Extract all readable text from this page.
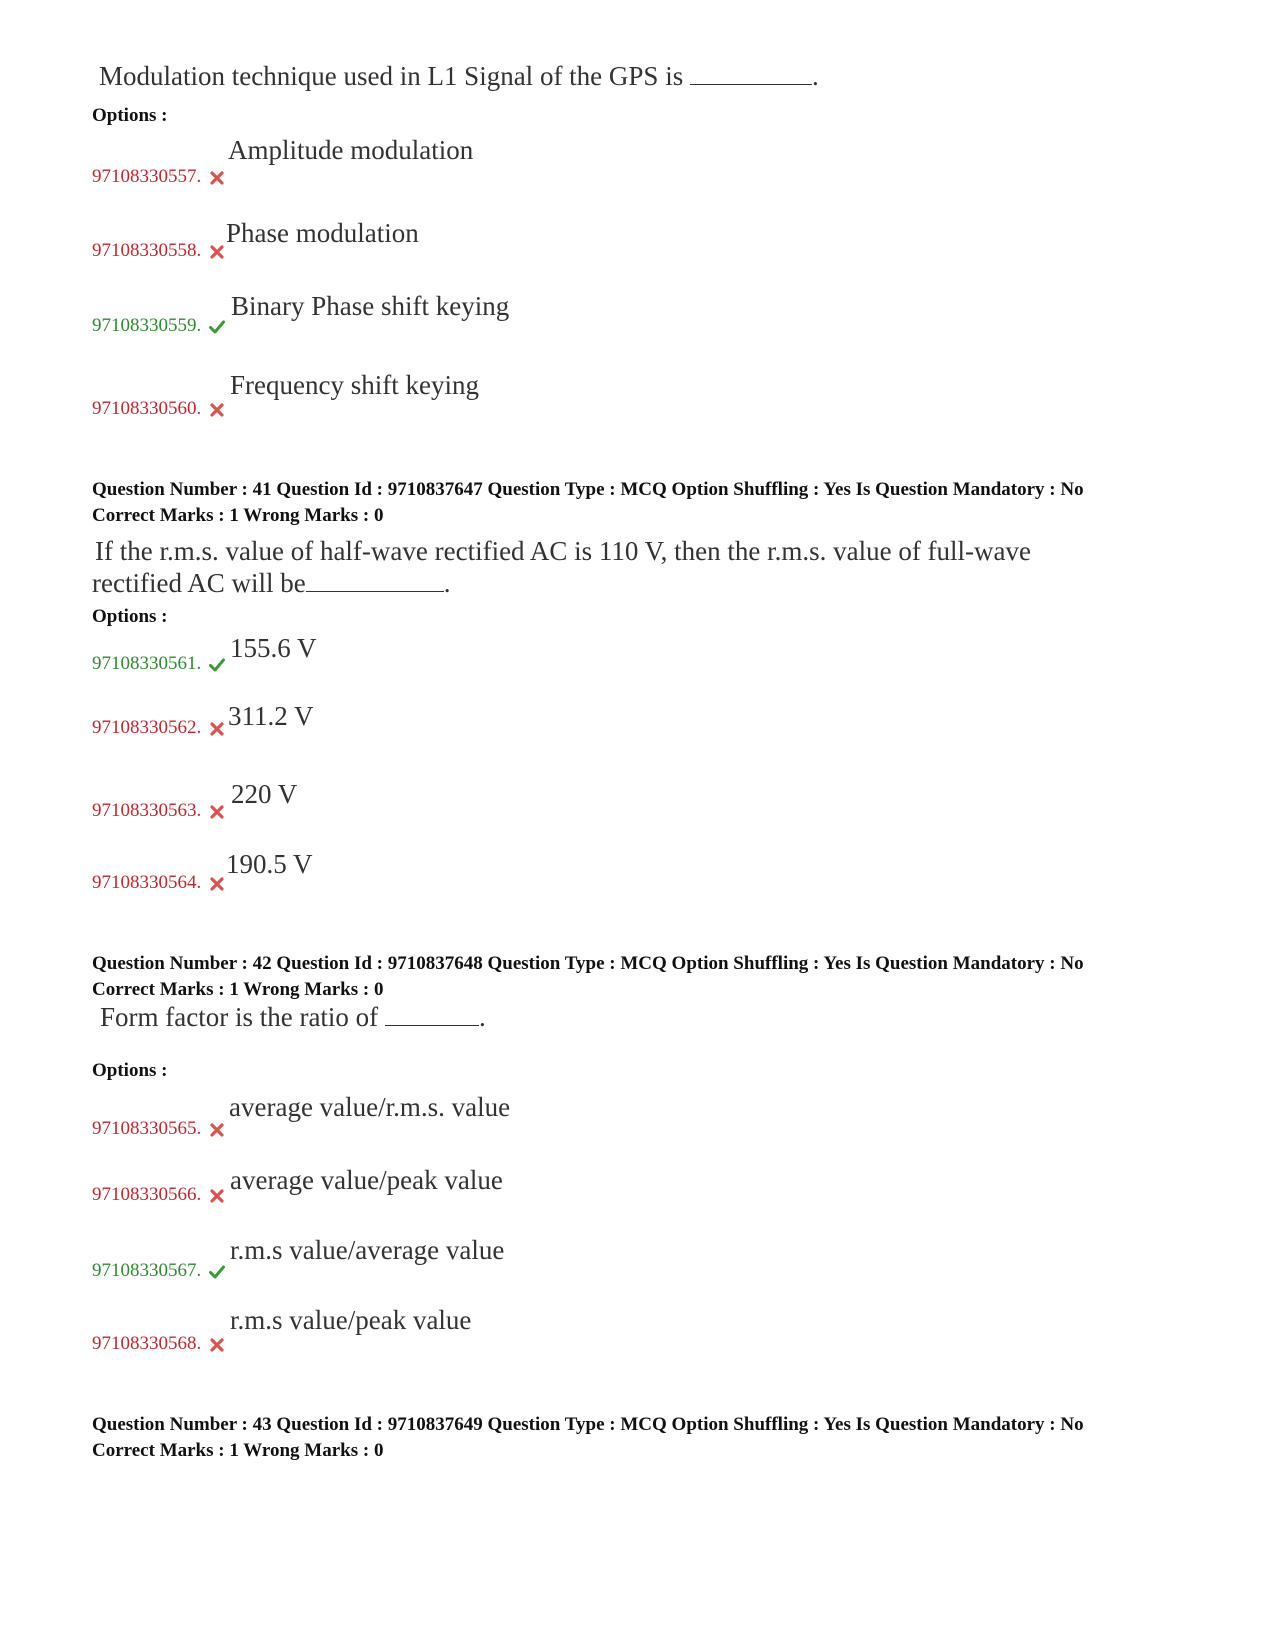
Modulation technique used in L1 Signal of the GPS is	.
Options :
97108330557.
Amplitude modulation
97108330558.
Phase modulation
97108330559.
Binary Phase shift keying
97108330560.
Frequency shift keying
Question Number : 41 Question Id : 9710837647 Question Type : MCQ Option Shuffling : Yes Is Question Mandatory : No
Correct Marks : 1 Wrong Marks : 0
If the r.m.s. value of half-wave rectified AC is 110 V, then the r.m.s. value of full-wave
rectified AC will be	.
Options :
97108330561.
155.6 V
97108330562. 311.2 V
97108330563.
220 V
97108330564.
190.5 V
Question Number : 42 Question Id : 9710837648 Question Type : MCQ Option Shuffling : Yes Is Question Mandatory : No
Correct Marks : 1 Wrong Marks : 0
Form factor is the ratio of	.
Options :
97108330565.
average value/r.m.s. value
97108330566.	average value/peak value
97108330567.
r.m.s value/average value
97108330568.
r.m.s value/peak value
Question Number : 43 Question Id : 9710837649 Question Type : MCQ Option Shuffling : Yes Is Question Mandatory : No
Correct Marks : 1 Wrong Marks : 0
